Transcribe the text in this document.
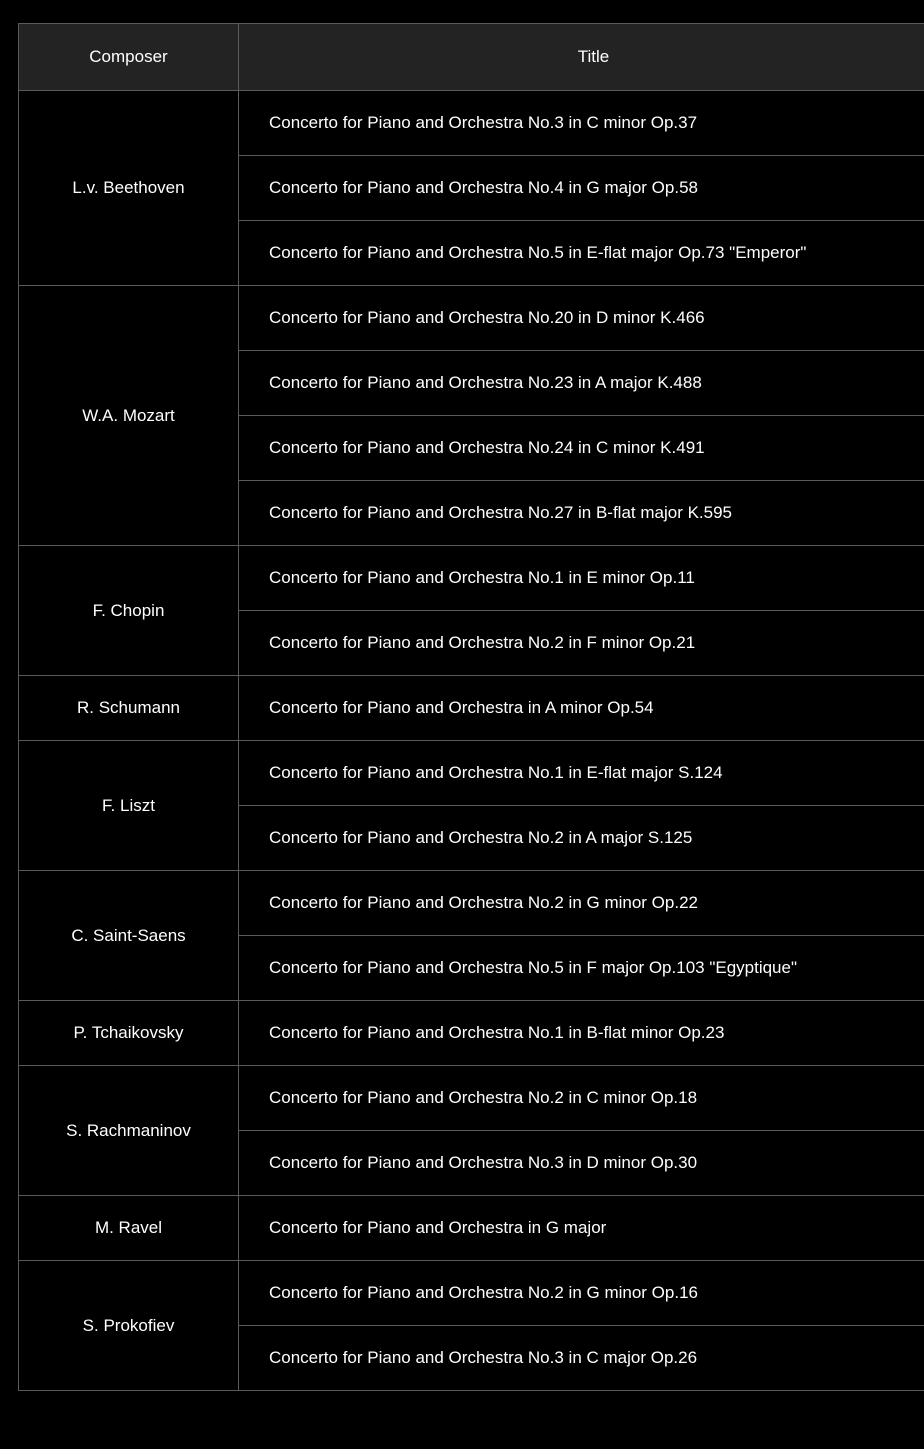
Composer	Title
L.v. Beethoven	Concerto for Piano and Orchestra No.3 in C minor Op.37
	Concerto for Piano and Orchestra No.4 in G major Op.58
	Concerto for Piano and Orchestra No.5 in E-flat major Op.73 "Emperor"
W.A. Mozart	Concerto for Piano and Orchestra No.20 in D minor K.466
	Concerto for Piano and Orchestra No.23 in A major K.488
	Concerto for Piano and Orchestra No.24 in C minor K.491
	Concerto for Piano and Orchestra No.27 in B-flat major K.595
F. Chopin	Concerto for Piano and Orchestra No.1 in E minor Op.11
	Concerto for Piano and Orchestra No.2 in F minor Op.21
R. Schumann	Concerto for Piano and Orchestra in A minor Op.54
F. Liszt	Concerto for Piano and Orchestra No.1 in E-flat major S.124
	Concerto for Piano and Orchestra No.2 in A major S.125
C. Saint-Saens	Concerto for Piano and Orchestra No.2 in G minor Op.22
	Concerto for Piano and Orchestra No.5 in F major Op.103 "Egyptique"
P. Tchaikovsky	Concerto for Piano and Orchestra No.1 in B-flat minor Op.23
S. Rachmaninov	Concerto for Piano and Orchestra No.2 in C minor Op.18
	Concerto for Piano and Orchestra No.3 in D minor Op.30
M. Ravel	Concerto for Piano and Orchestra in G major
S. Prokofiev	Concerto for Piano and Orchestra No.2 in G minor Op.16
	Concerto for Piano and Orchestra No.3 in C major Op.26
